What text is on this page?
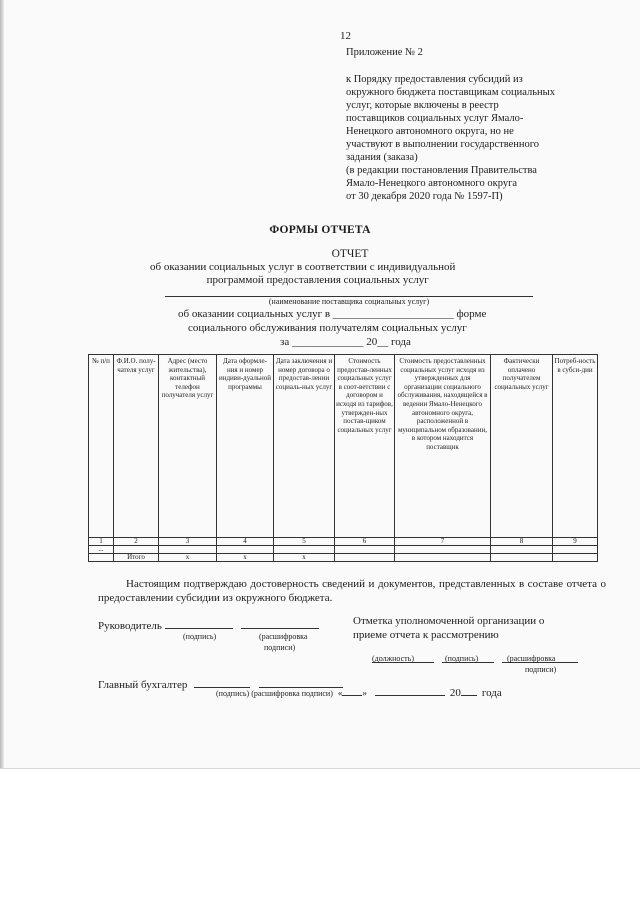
12
Приложение № 2
к Порядку предоставления субсидий из
окружного бюджета поставщикам социальных
услуг, которые включены в реестр
поставщиков социальных услуг Ямало-
Ненецкого автономного округа, но не
участвуют в выполнении государственного
задания (заказа)
(в редакции постановления Правительства
Ямало-Ненецкого автономного округа
от 30 декабря 2020 года № 1597-П)
ФОРМЫ ОТЧЕТА
ОТЧЕТ
об оказании социальных услуг в соответствии с индивидуальной
программой предоставления социальных услуг
(наименование поставщика социальных услуг)
об оказании социальных услуг в ______________________ форме
социального обслуживания получателям социальных услуг
за _____________ 20__ года
№ п/п	Ф.И.О. полу-чателя услуг	Адрес (место жительства), контактный телефон получателя услуг	Дата оформле-ния и номер индиви-дуальной программы	Дата заключения и номер договора о предостав-лении социаль-ных услуг	Стоимость предостав-ленных социальных услуг в соот-ветствии с договором и исходя из тарифов, утвержден-ных постав-щиком социальных услуг	Стоимость предоставленных социальных услуг исходя из утвержденных для организации социального обслуживания, находящейся в ведении Ямало-Ненецкого автономного округа, расположенной в муниципальном образовании, в котором находится поставщик	Фактически оплачено получателем социальных услуг	Потреб-ность в субси-дии
1	2	3	4	5	6	7	8	9
...								
	Итого	х	х	х				
Настоящим подтверждаю достоверность сведений и документов, представленных в составе отчета о предоставлении субсидии из окружного бюджета.
Руководитель
(подпись)	(расшифровка
подписи)
Отметка уполномоченной организации о
приеме отчета к рассмотрению

(должность)	(подпись)	(расшифровка
подписи)
Главный бухгалтер
(подпись) (расшифровка подписи) « »	20 года
